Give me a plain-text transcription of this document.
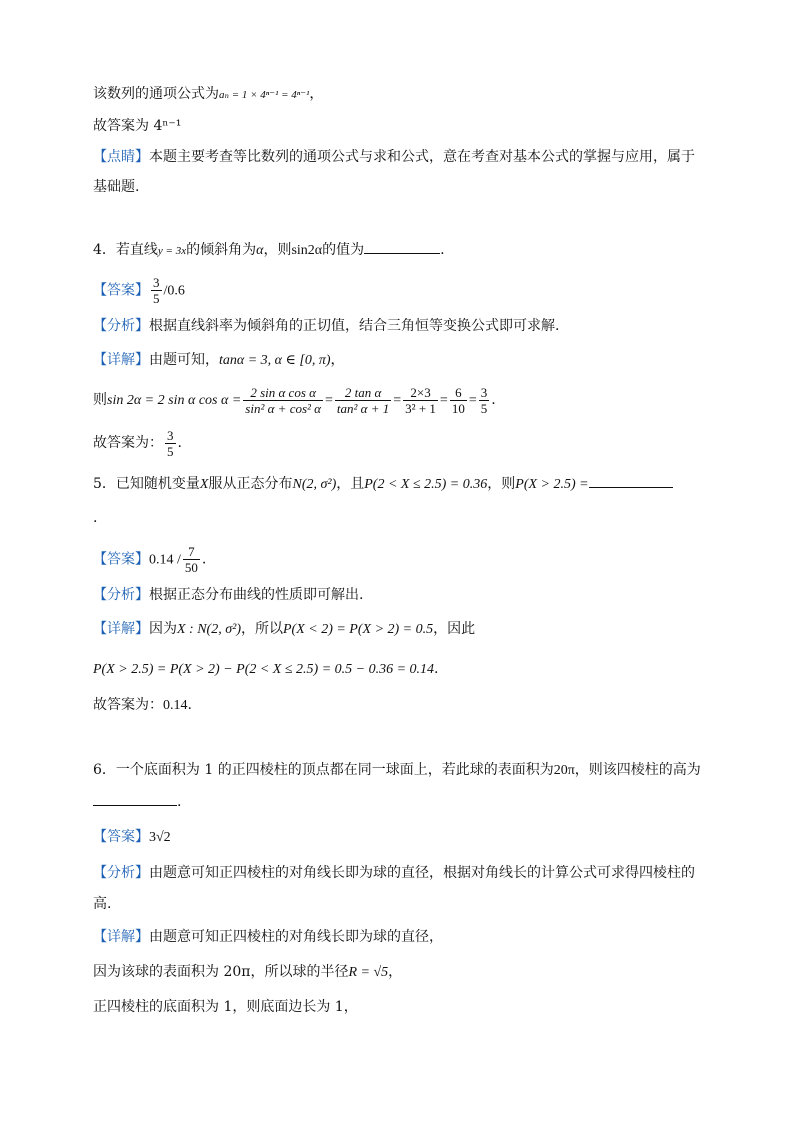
该数列的通项公式为aₙ = 1 × 4ⁿ⁻¹ = 4ⁿ⁻¹，
故答案为 4ⁿ⁻¹
【点睛】本题主要考查等比数列的通项公式与求和公式，意在考查对基本公式的掌握与应用，属于
基础题.
4．若直线y = 3x的倾斜角为α，则sin2α的值为	.
【答案】 $\frac{3}{5} /0.6$
【分析】根据直线斜率为倾斜角的正切值，结合三角恒等变换公式即可求解.
【详解】由题可知，tanα = 3, α ∈ [0, π)，
则sin 2α = 2 sin α $\cos \alpha = \frac{\text{2 sin α cos α}}{\text{sin² α + cos² α}} = \frac{\text{2 tan α}}{\text{tan² α + 1}} = \frac{2\times 3}{\text{3² + 1}} = \frac{6}{10} = \frac{3}{5}$ .
故答案为： $\frac{3}{5}$ .
5．已知随机变量X服从正态分布N(2, σ²)，且P(2 < X ≤ 2.5) = 0.36，则P(X > 2.5) =
.
【答案】$0.14 / \frac{7}{50}$ .
【分析】根据正态分布曲线的性质即可解出.
【详解】因为X : N(2, σ²)，所以P(X < 2) = P(X > 2) = 0.5，因此
P(X > 2.5) = P(X > 2) − P(2 < X ≤ 2.5) = 0.5 − 0.36 = 0.14.
故答案为：0.14.
6．一个底面积为 1 的正四棱柱的顶点都在同一球面上，若此球的表面积为20π，则该四棱柱的高为
.
【答案】3√2
【分析】由题意可知正四棱柱的对角线长即为球的直径，根据对角线长的计算公式可求得四棱柱的
高.
【详解】由题意可知正四棱柱的对角线长即为球的直径，
因为该球的表面积为 20π，所以球的半径R = √5，
正四棱柱的底面积为 1，则底面边长为 1，
